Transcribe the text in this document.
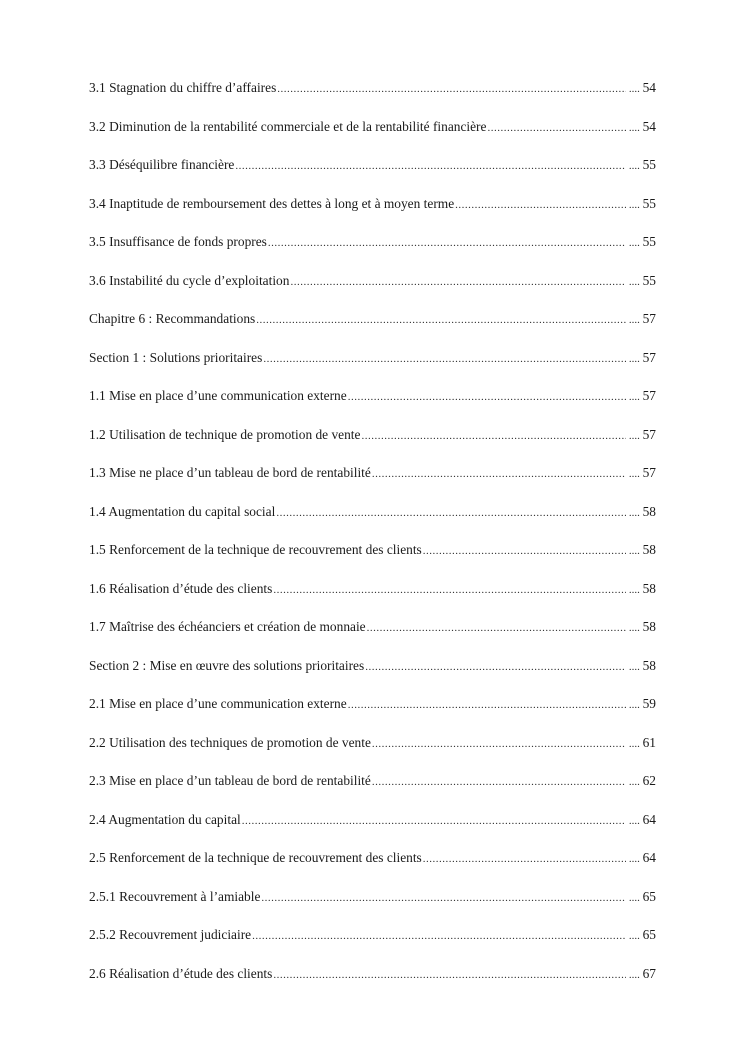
3.1 Stagnation du chiffre d’affaires .....	.... 54
3.2 Diminution de la rentabilité commerciale et de la rentabilité financière .....	.... 54
3.3 Déséquilibre financière .....	.... 55
3.4 Inaptitude de remboursement des dettes à long et à moyen terme .....	.... 55
3.5 Insuffisance de fonds propres .....	.... 55
3.6 Instabilité du cycle d’exploitation .....	.... 55
Chapitre 6 : Recommandations .....	.... 57
Section 1 : Solutions prioritaires .....	.... 57
1.1 Mise en place d’une communication externe .....	.... 57
1.2 Utilisation de technique de promotion de vente .....	.... 57
1.3 Mise ne place d’un tableau de bord de rentabilité .....	.... 57
1.4 Augmentation du capital social .....	.... 58
1.5 Renforcement de la technique de recouvrement des clients .....	.... 58
1.6 Réalisation d’étude des clients .....	.... 58
1.7 Maîtrise des échéanciers et création de monnaie .....	.... 58
Section 2 : Mise en œuvre des solutions prioritaires .....	.... 58
2.1 Mise en place d’une communication externe .....	.... 59
2.2 Utilisation des techniques de promotion de vente .....	.... 61
2.3 Mise en place d’un tableau de bord de rentabilité .....	.... 62
2.4 Augmentation du capital .....	.... 64
2.5 Renforcement de la technique de recouvrement des clients .....	.... 64
2.5.1 Recouvrement à l’amiable .....	.... 65
2.5.2 Recouvrement judiciaire .....	.... 65
2.6 Réalisation d’étude des clients .....	.... 67
